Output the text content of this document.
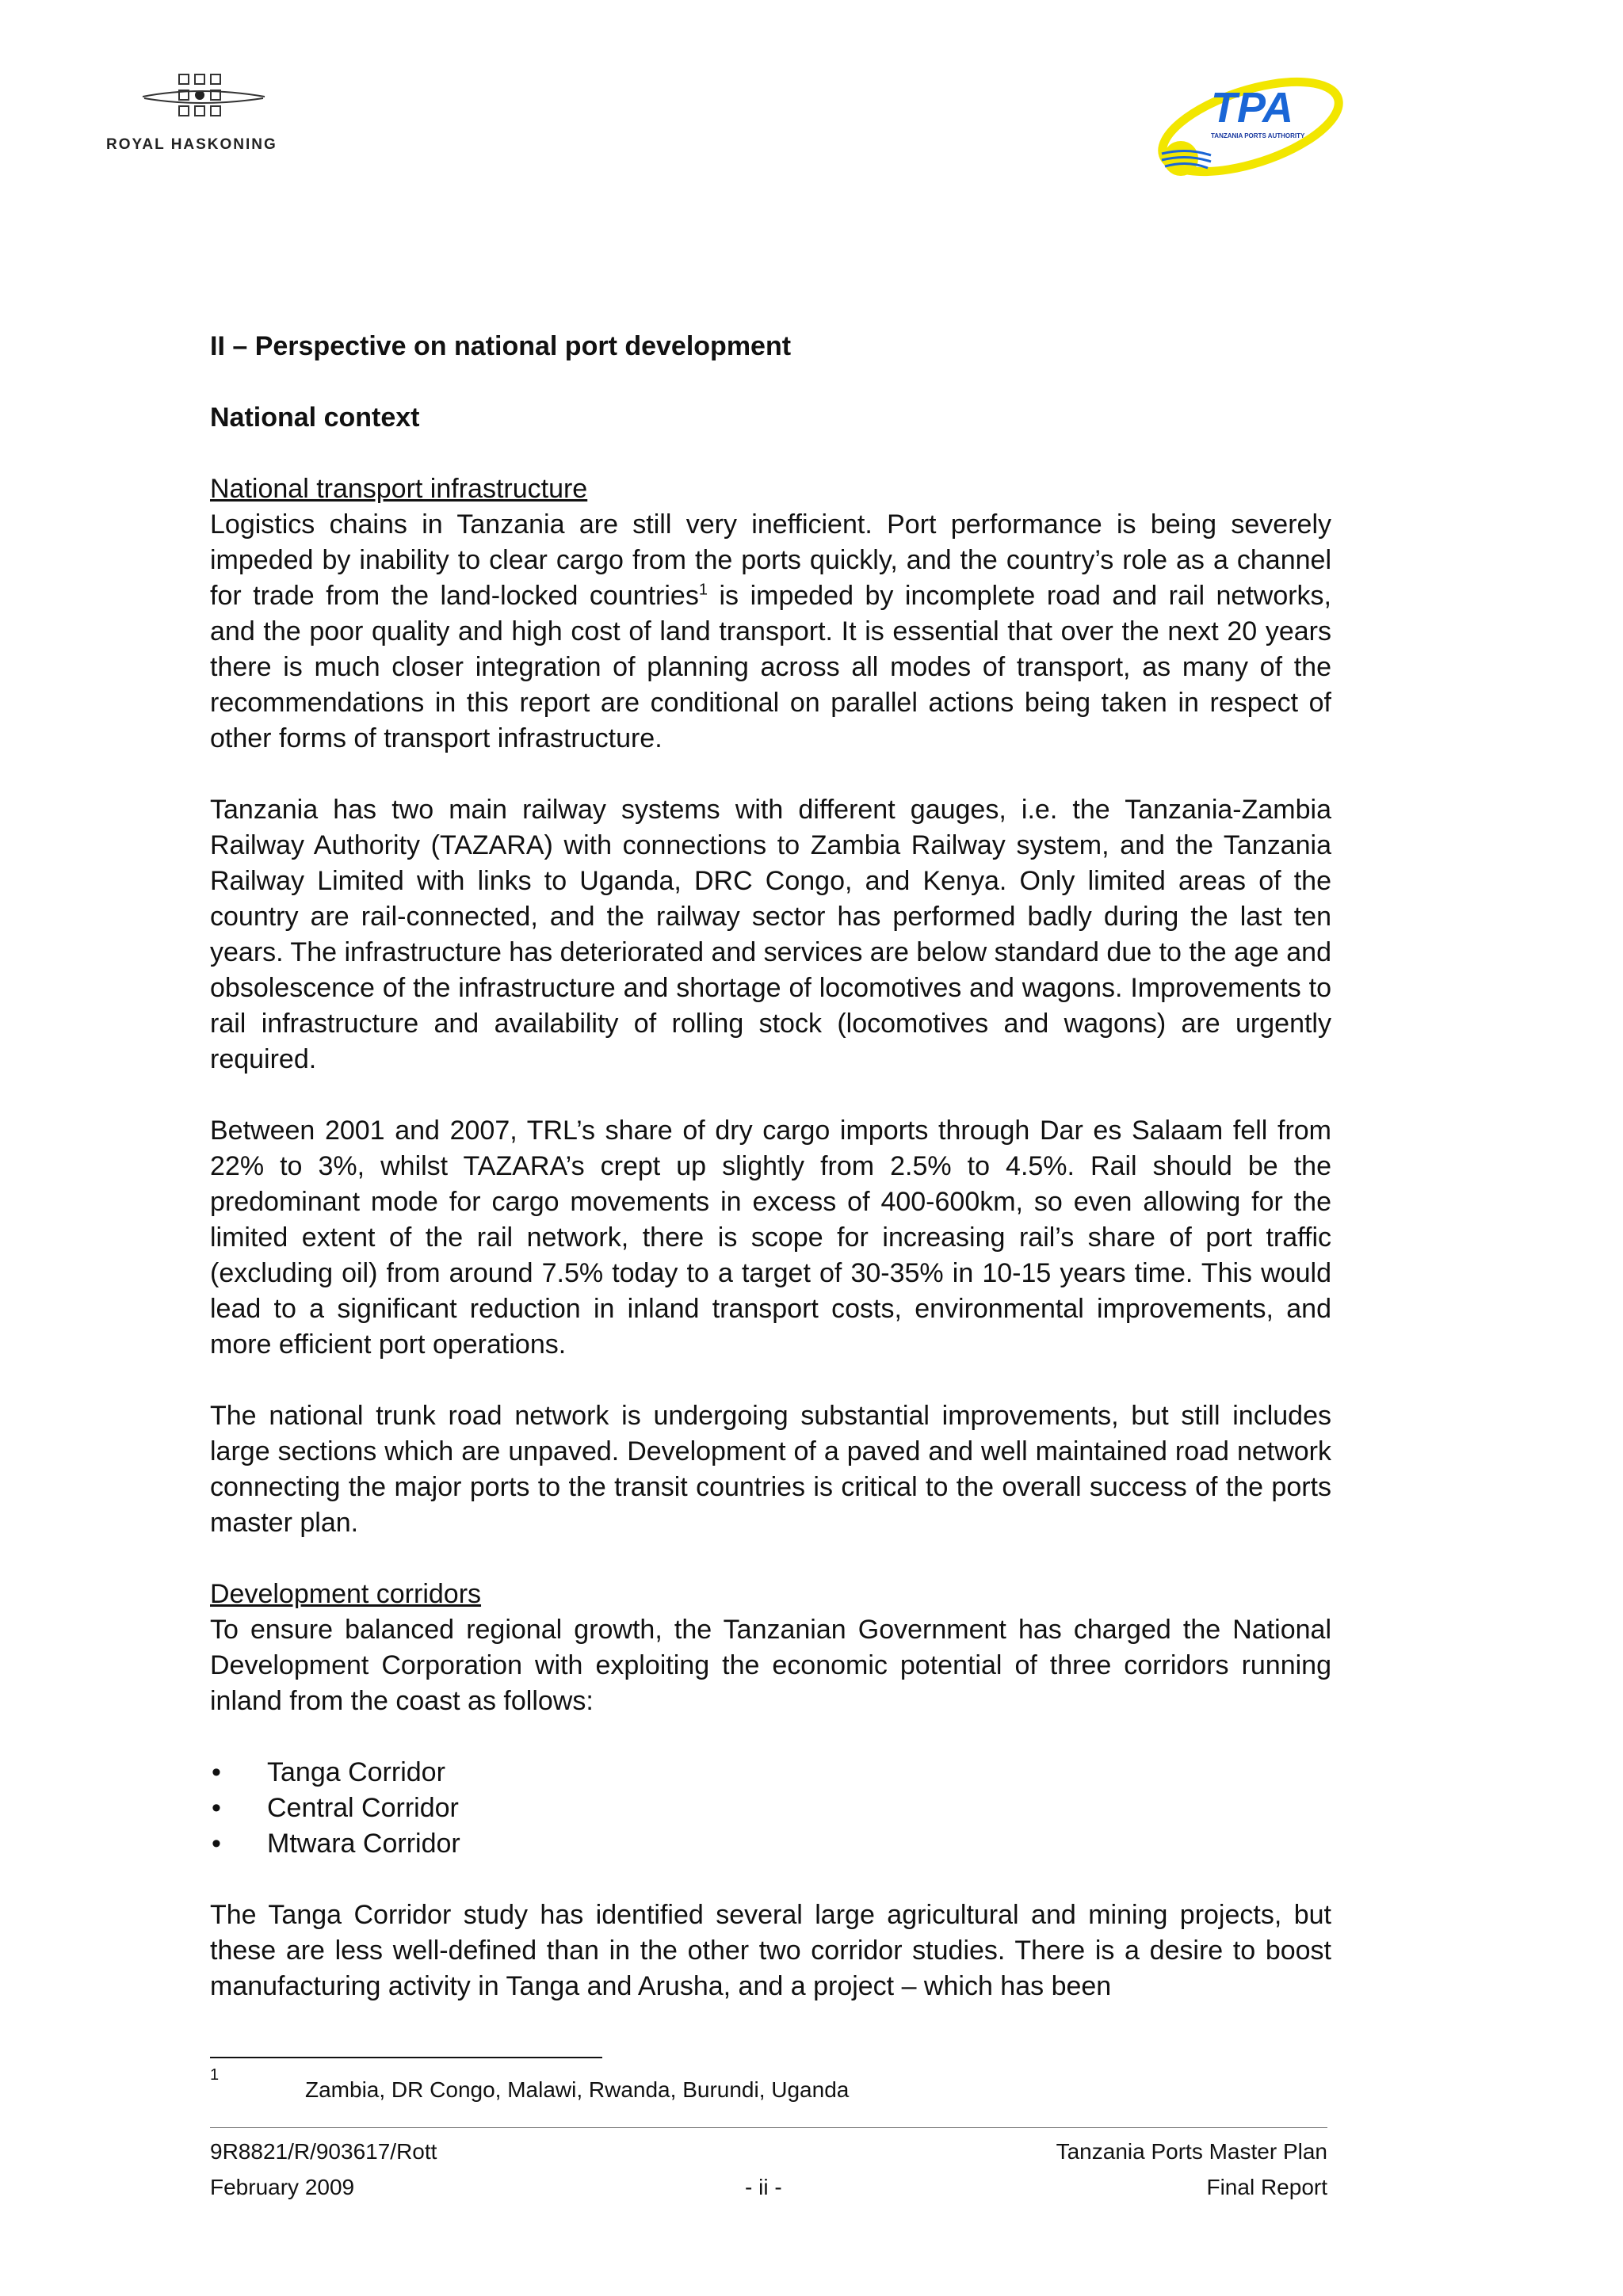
ROYAL HASKONING
TPA
TANZANIA PORTS AUTHORITY

II – Perspective on national port development

National context

National transport infrastructure

Logistics chains in Tanzania are still very inefficient. Port performance is being severely impeded by inability to clear cargo from the ports quickly, and the country’s role as a channel for trade from the land-locked countries$^1$ is impeded by incomplete road and rail networks, and the poor quality and high cost of land transport. It is essential that over the next 20 years there is much closer integration of planning across all modes of transport, as many of the recommendations in this report are conditional on parallel actions being taken in respect of other forms of transport infrastructure.

Tanzania has two main railway systems with different gauges, i.e. the Tanzania-Zambia Railway Authority (TAZARA) with connections to Zambia Railway system, and the Tanzania Railway Limited with links to Uganda, DRC Congo, and Kenya. Only limited areas of the country are rail-connected, and the railway sector has performed badly during the last ten years. The infrastructure has deteriorated and services are below standard due to the age and obsolescence of the infrastructure and shortage of locomotives and wagons. Improvements to rail infrastructure and availability of rolling stock (locomotives and wagons) are urgently required.

Between 2001 and 2007, TRL’s share of dry cargo imports through Dar es Salaam fell from 22% to 3%, whilst TAZARA’s crept up slightly from 2.5% to 4.5%. Rail should be the predominant mode for cargo movements in excess of 400-600km, so even allowing for the limited extent of the rail network, there is scope for increasing rail’s share of port traffic (excluding oil) from around 7.5% today to a target of 30-35% in 10-15 years time. This would lead to a significant reduction in inland transport costs, environmental improvements, and more efficient port operations.

The national trunk road network is undergoing substantial improvements, but still includes large sections which are unpaved. Development of a paved and well maintained road network connecting the major ports to the transit countries is critical to the overall success of the ports master plan.

Development corridors

To ensure balanced regional growth, the Tanzanian Government has charged the National Development Corporation with exploiting the economic potential of three corridors running inland from the coast as follows:

• Tanga Corridor
• Central Corridor
• Mtwara Corridor

The Tanga Corridor study has identified several large agricultural and mining projects, but these are less well-defined than in the other two corridor studies. There is a desire to boost manufacturing activity in Tanga and Arusha, and a project – which has been

1
Zambia, DR Congo, Malawi, Rwanda, Burundi, Uganda
9R8821/R/903617/Rott
February 2009	- ii -
Tanzania Ports Master Plan
Final Report
